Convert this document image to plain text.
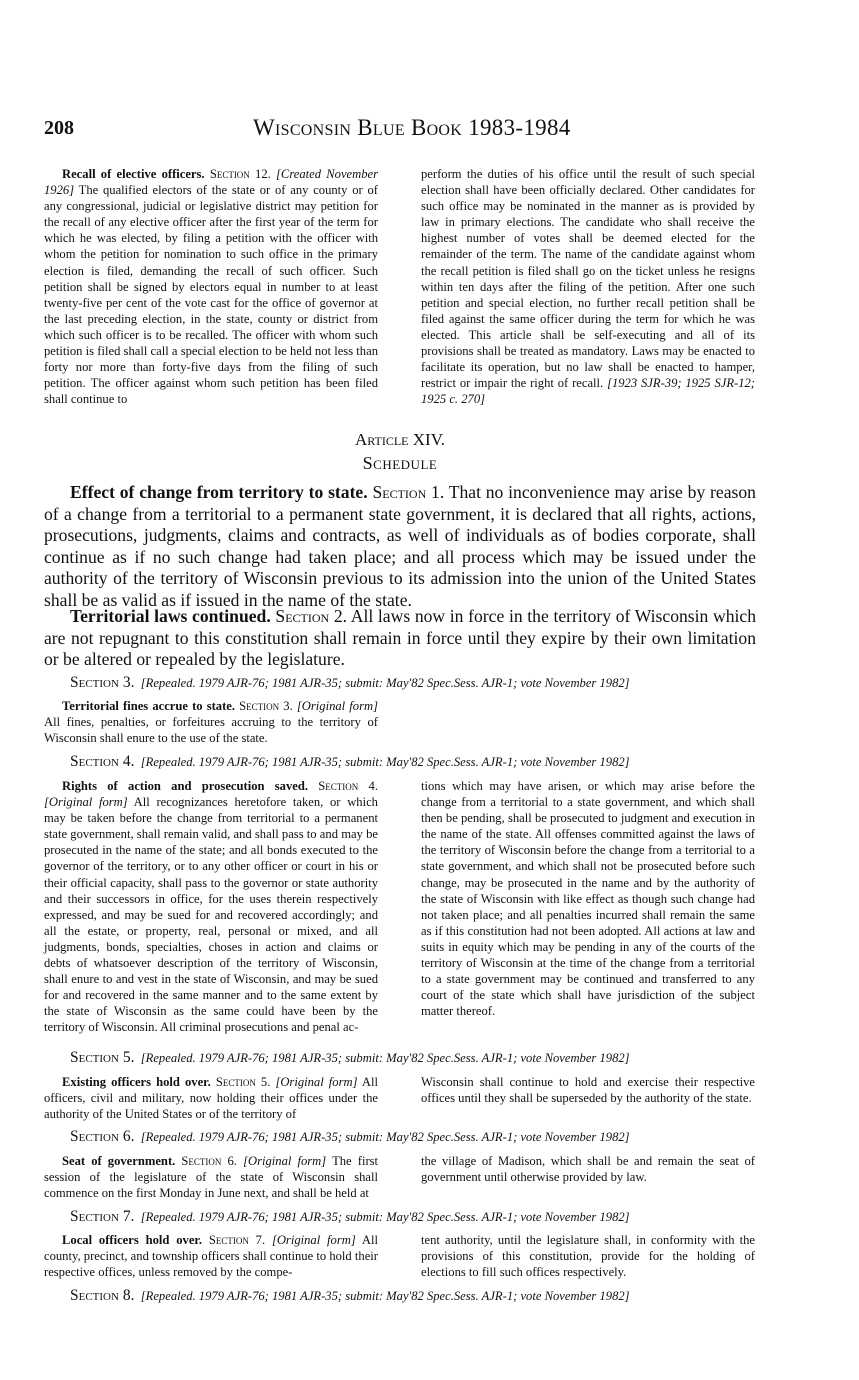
208	Wisconsin Blue Book 1983-1984

Recall of elective officers. Section 12. [Created November 1926] The qualified electors of the state or of any county or of any congressional, judicial or legislative district may petition for the recall of any elective officer after the first year of the term for which he was elected, by filing a petition with the officer with whom the petition for nomination to such office in the primary election is filed, demanding the recall of such officer. Such petition shall be signed by electors equal in number to at least twenty-five per cent of the vote cast for the office of governor at the last preceding election, in the state, county or district from which such officer is to be recalled. The officer with whom such petition is filed shall call a special election to be held not less than forty nor more than forty-five days from the filing of such petition. The officer against whom such petition has been filed shall continue to

perform the duties of his office until the result of such special election shall have been officially declared. Other candidates for such office may be nominated in the manner as is provided by law in primary elections. The candidate who shall receive the highest number of votes shall be deemed elected for the remainder of the term. The name of the candidate against whom the recall petition is filed shall go on the ticket unless he resigns within ten days after the filing of the petition. After one such petition and special election, no further recall petition shall be filed against the same officer during the term for which he was elected. This article shall be self-executing and all of its provisions shall be treated as mandatory. Laws may be enacted to facilitate its operation, but no law shall be enacted to hamper, restrict or impair the right of recall. [1923 SJR-39; 1925 SJR-12; 1925 c. 270]

Article XIV.
Schedule

Effect of change from territory to state. Section 1. That no inconvenience may arise by reason of a change from a territorial to a permanent state government, it is declared that all rights, actions, prosecutions, judgments, claims and contracts, as well of individuals as of bodies corporate, shall continue as if no such change had taken place; and all process which may be issued under the authority of the territory of Wisconsin previous to its admission into the union of the United States shall be as valid as if issued in the name of the state.

Territorial laws continued. Section 2. All laws now in force in the territory of Wisconsin which are not repugnant to this constitution shall remain in force until they expire by their own limitation or be altered or repealed by the legislature.

Section 3. [Repealed. 1979 AJR-76; 1981 AJR-35; submit: May'82 Spec.Sess. AJR-1; vote November 1982]

Territorial fines accrue to state. Section 3. [Original form] All fines, penalties, or forfeitures accruing to the territory of Wisconsin shall enure to the use of the state.

Section 4. [Repealed. 1979 AJR-76; 1981 AJR-35; submit: May'82 Spec.Sess. AJR-1; vote November 1982]

Rights of action and prosecution saved. Section 4. [Original form] All recognizances heretofore taken, or which may be taken before the change from territorial to a permanent state government, shall remain valid, and shall pass to and may be prosecuted in the name of the state; and all bonds executed to the governor of the territory, or to any other officer or court in his or their official capacity, shall pass to the governor or state authority and their successors in office, for the uses therein respectively expressed, and may be sued for and recovered accordingly; and all the estate, or property, real, personal or mixed, and all judgments, bonds, specialties, choses in action and claims or debts of whatsoever description of the territory of Wisconsin, shall enure to and vest in the state of Wisconsin, and may be sued for and recovered in the same manner and to the same extent by the state of Wisconsin as the same could have been by the territory of Wisconsin. All criminal prosecutions and penal ac-

tions which may have arisen, or which may arise before the change from a territorial to a state government, and which shall then be pending, shall be prosecuted to judgment and execution in the name of the state. All offenses committed against the laws of the territory of Wisconsin before the change from a territorial to a state government, and which shall not be prosecuted before such change, may be prosecuted in the name and by the authority of the state of Wisconsin with like effect as though such change had not taken place; and all penalties incurred shall remain the same as if this constitution had not been adopted. All actions at law and suits in equity which may be pending in any of the courts of the territory of Wisconsin at the time of the change from a territorial to a state government may be continued and transferred to any court of the state which shall have jurisdiction of the subject matter thereof.

Section 5. [Repealed. 1979 AJR-76; 1981 AJR-35; submit: May'82 Spec.Sess. AJR-1; vote November 1982]

Existing officers hold over. Section 5. [Original form] All officers, civil and military, now holding their offices under the authority of the United States or of the territory of

Wisconsin shall continue to hold and exercise their respective offices until they shall be superseded by the authority of the state.

Section 6. [Repealed. 1979 AJR-76; 1981 AJR-35; submit: May'82 Spec.Sess. AJR-1; vote November 1982]

Seat of government. Section 6. [Original form] The first session of the legislature of the state of Wisconsin shall commence on the first Monday in June next, and shall be held at

the village of Madison, which shall be and remain the seat of government until otherwise provided by law.

Section 7. [Repealed. 1979 AJR-76; 1981 AJR-35; submit: May'82 Spec.Sess. AJR-1; vote November 1982]

Local officers hold over. Section 7. [Original form] All county, precinct, and township officers shall continue to hold their respective offices, unless removed by the compe-

tent authority, until the legislature shall, in conformity with the provisions of this constitution, provide for the holding of elections to fill such offices respectively.

Section 8. [Repealed. 1979 AJR-76; 1981 AJR-35; submit: May'82 Spec.Sess. AJR-1; vote November 1982]
